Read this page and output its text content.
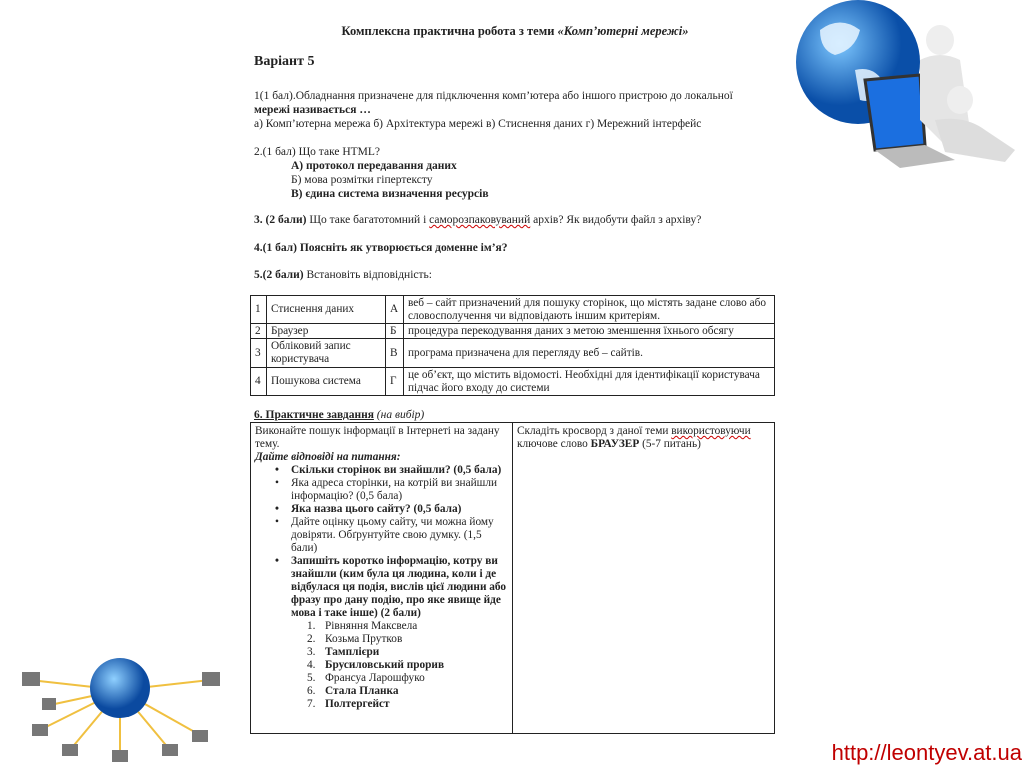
Комплексна практична робота з теми «Комп’ютерні мережі»
Варіант 5
1(1 бал).Обладнання призначене для підключення комп’ютера або іншого пристрою до локальної
мережі називається …
а) Комп’ютерна мережа б) Архітектура мережі в) Стиснення даних г) Мережний інтерфейс
2.(1 бал) Що таке HTML?
А) протокол передавання даних
Б) мова розмітки гіпертексту
В) єдина система визначення ресурсів
3. (2 бали) Що таке багатотомний і саморозпаковуваний архів? Як видобути файл з архіву?
4.(1 бал) Поясніть як утворюється доменне ім’я?
5.(2 бали) Встановіть відповідність:
1	Стиснення даних	А	веб – сайт призначений для пошуку сторінок, що містять задане слово або словосполучення чи відповідають іншим критеріям.
2	Браузер	Б	процедура перекодування даних з метою зменшення їхнього обсягу
3	Обліковий запис користувача	В	програма призначена для перегляду веб – сайтів.
4	Пошукова система	Г	це об’єкт, що містить відомості. Необхідні для ідентифікації користувача підчас його входу до системи
6. Практичне завдання (на вибір)
Виконайте пошук інформації в Інтернеті на задану тему.
Дайте відповіді на питання:
• Скільки сторінок ви знайшли? (0,5 бала)
• Яка адреса сторінки, на котрій ви знайшли інформацію? (0,5 бала)
• Яка назва цього сайту? (0,5 бала)
• Дайте оцінку цьому сайту, чи можна йому довіряти. Обґрунтуйте свою думку. (1,5 бали)
• Запишіть коротко інформацію, котру ви знайшли (ким була ця людина, коли і де відбулася ця подія, вислів цієї людини або фразу про дану подію, про яке явище йде мова і таке інше) (2 бали)
1. Рівняння Максвела
2. Козьма Прутков
3. Тамплієри
4. Брусиловський прорив
5. Франсуа Ларошфуко
6. Стала Планка
7. Полтергейст
	Складіть кросворд з даної теми використовуючи ключове слово БРАУЗЕР (5-7 питань)
http://leontyev.at.ua
